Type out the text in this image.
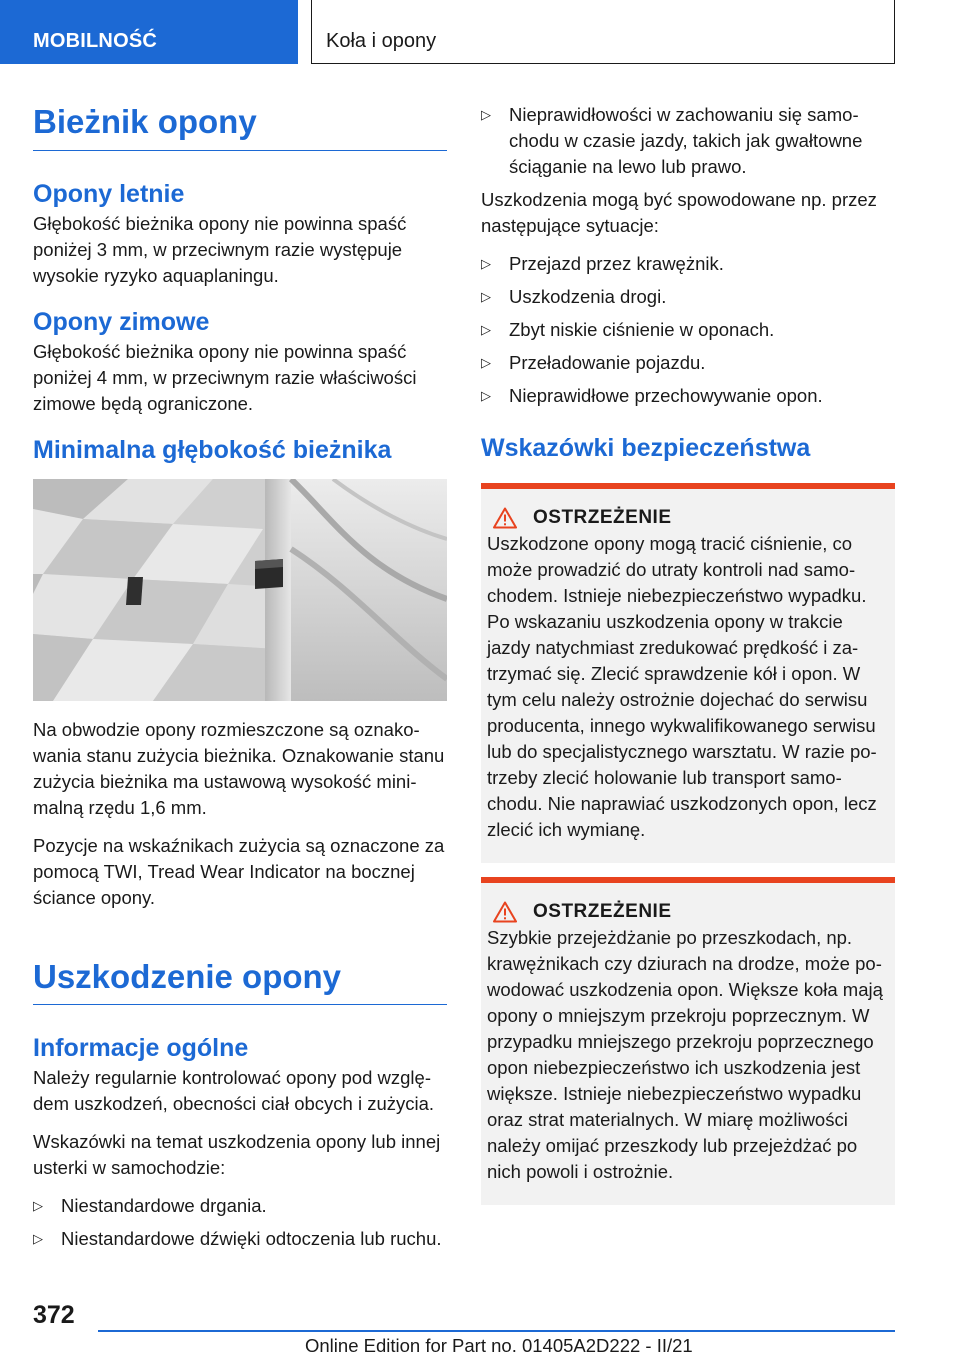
MOBILNOŚĆ	Koła i opony
Bieżnik opony
Opony letnie
Głębokość bieżnika opony nie powinna spaść poniżej 3 mm, w przeciwnym razie występuje wysokie ryzyko aquaplaningu.
Opony zimowe
Głębokość bieżnika opony nie powinna spaść poniżej 4 mm, w przeciwnym razie właściwości zimowe będą ograniczone.
Minimalna głębokość bieżnika
Na obwodzie opony rozmieszczone są oznakowania stanu zużycia bieżnika. Oznakowanie stanu zużycia bieżnika ma ustawową wysokość minimalną rzędu 1,6 mm.
Pozycje na wskaźnikach zużycia są oznaczone za pomocą TWI, Tread Wear Indicator na bocznej ściance opony.
Uszkodzenie opony
Informacje ogólne
Należy regularnie kontrolować opony pod względem uszkodzeń, obecności ciał obcych i zużycia.
Wskazówki na temat uszkodzenia opony lub innej usterki w samochodzie:
▷ Niestandardowe drgania.
▷ Niestandardowe dźwięki odtoczenia lub ruchu.
▷ Nieprawidłowości w zachowaniu się samochodu w czasie jazdy, takich jak gwałtowne ściąganie na lewo lub prawo.
Uszkodzenia mogą być spowodowane np. przez następujące sytuacje:
▷ Przejazd przez krawężnik.
▷ Uszkodzenia drogi.
▷ Zbyt niskie ciśnienie w oponach.
▷ Przeładowanie pojazdu.
▷ Nieprawidłowe przechowywanie opon.
Wskazówki bezpieczeństwa
OSTRZEŻENIE
Uszkodzone opony mogą tracić ciśnienie, co może prowadzić do utraty kontroli nad samochodem. Istnieje niebezpieczeństwo wypadku. Po wskazaniu uszkodzenia opony w trakcie jazdy natychmiast zredukować prędkość i zatrzymać się. Zlecić sprawdzenie kół i opon. W tym celu należy ostrożnie dojechać do serwisu producenta, innego wykwalifikowanego serwisu lub do specjalistycznego warsztatu. W razie potrzeby zlecić holowanie lub transport samochodu. Nie naprawiać uszkodzonych opon, lecz zlecić ich wymianę.
OSTRZEŻENIE
Szybkie przejeżdżanie po przeszkodach, np. krawężnikach czy dziurach na drodze, może powodować uszkodzenia opon. Większe koła mają opony o mniejszym przekroju poprzecznym. W przypadku mniejszego przekroju poprzecznego opon niebezpieczeństwo ich uszkodzenia jest większe. Istnieje niebezpieczeństwo wypadku oraz strat materialnych. W miarę możliwości należy omijać przeszkody lub przejeżdżać po nich powoli i ostrożnie.
372
Online Edition for Part no. 01405A2D222 - II/21
